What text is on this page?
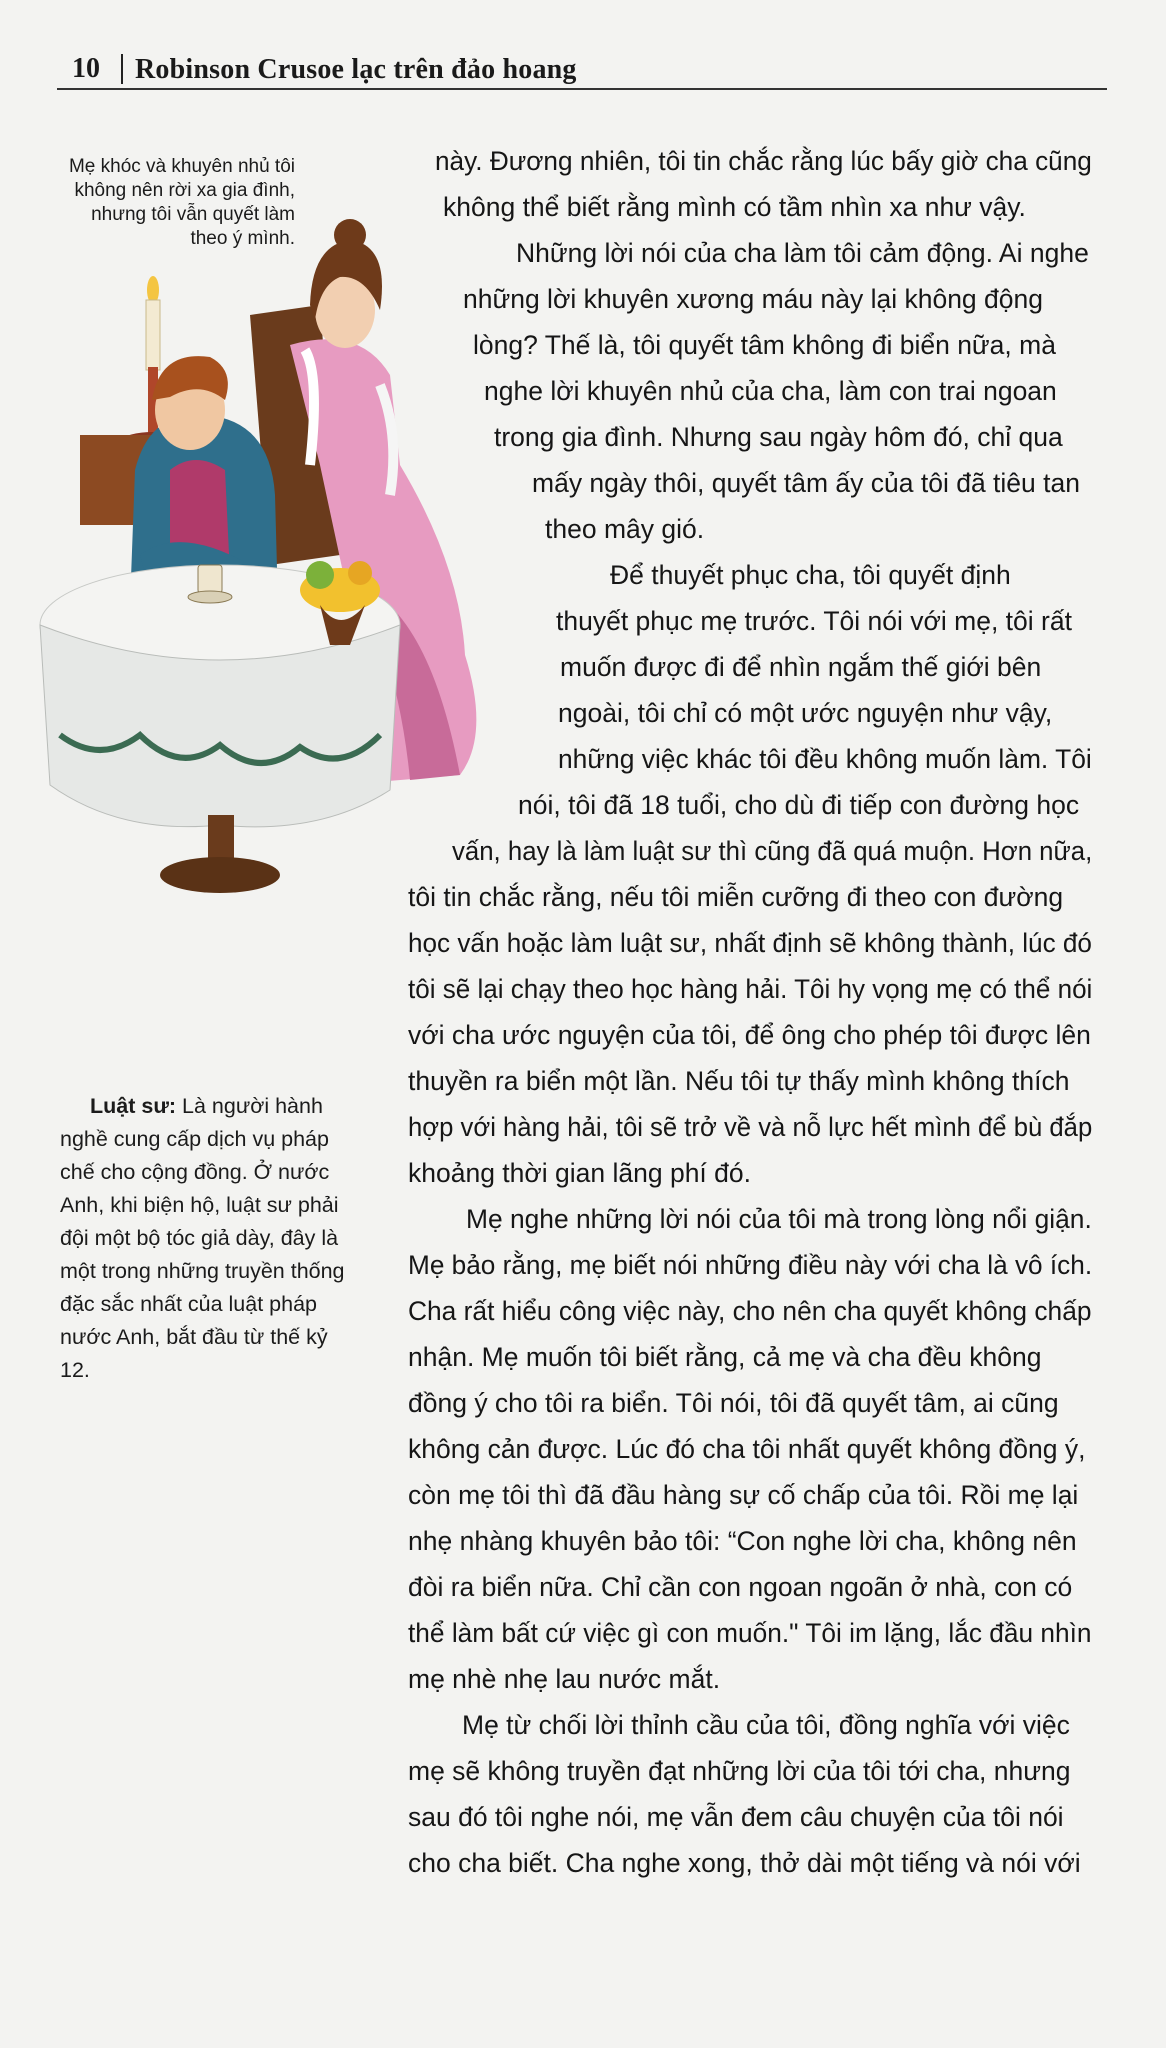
10 Robinson Crusoe lạc trên đảo hoang
Mẹ khóc và khuyên nhủ tôi không nên rời xa gia đình, nhưng tôi vẫn quyết làm theo ý mình.
Luật sư: Là người hành nghề cung cấp dịch vụ pháp chế cho cộng đồng. Ở nước Anh, khi biện hộ, luật sư phải đội một bộ tóc giả dày, đây là một trong những truyền thống đặc sắc nhất của luật pháp nước Anh, bắt đầu từ thế kỷ 12.
này. Đương nhiên, tôi tin chắc rằng lúc bấy giờ cha cũng
không thể biết rằng mình có tầm nhìn xa như vậy.
Những lời nói của cha làm tôi cảm động. Ai nghe
những lời khuyên xương máu này lại không động
lòng? Thế là, tôi quyết tâm không đi biển nữa, mà
nghe lời khuyên nhủ của cha, làm con trai ngoan
trong gia đình. Nhưng sau ngày hôm đó, chỉ qua
mấy ngày thôi, quyết tâm ấy của tôi đã tiêu tan
theo mây gió.
Để thuyết phục cha, tôi quyết định
thuyết phục mẹ trước. Tôi nói với mẹ, tôi rất
muốn được đi để nhìn ngắm thế giới bên
ngoài, tôi chỉ có một ước nguyện như vậy,
những việc khác tôi đều không muốn làm. Tôi
nói, tôi đã 18 tuổi, cho dù đi tiếp con đường học
vấn, hay là làm luật sư thì cũng đã quá muộn. Hơn nữa,
tôi tin chắc rằng, nếu tôi miễn cưỡng đi theo con đường
học vấn hoặc làm luật sư, nhất định sẽ không thành, lúc đó
tôi sẽ lại chạy theo học hàng hải. Tôi hy vọng mẹ có thể nói
với cha ước nguyện của tôi, để ông cho phép tôi được lên
thuyền ra biển một lần. Nếu tôi tự thấy mình không thích
hợp với hàng hải, tôi sẽ trở về và nỗ lực hết mình để bù đắp
khoảng thời gian lãng phí đó.
Mẹ nghe những lời nói của tôi mà trong lòng nổi giận.
Mẹ bảo rằng, mẹ biết nói những điều này với cha là vô ích.
Cha rất hiểu công việc này, cho nên cha quyết không chấp
nhận. Mẹ muốn tôi biết rằng, cả mẹ và cha đều không
đồng ý cho tôi ra biển. Tôi nói, tôi đã quyết tâm, ai cũng
không cản được. Lúc đó cha tôi nhất quyết không đồng ý,
còn mẹ tôi thì đã đầu hàng sự cố chấp của tôi. Rồi mẹ lại
nhẹ nhàng khuyên bảo tôi: “Con nghe lời cha, không nên
đòi ra biển nữa. Chỉ cần con ngoan ngoãn ở nhà, con có
thể làm bất cứ việc gì con muốn." Tôi im lặng, lắc đầu nhìn
mẹ nhè nhẹ lau nước mắt.
Mẹ từ chối lời thỉnh cầu của tôi, đồng nghĩa với việc
mẹ sẽ không truyền đạt những lời của tôi tới cha, nhưng
sau đó tôi nghe nói, mẹ vẫn đem câu chuyện của tôi nói
cho cha biết. Cha nghe xong, thở dài một tiếng và nói với
